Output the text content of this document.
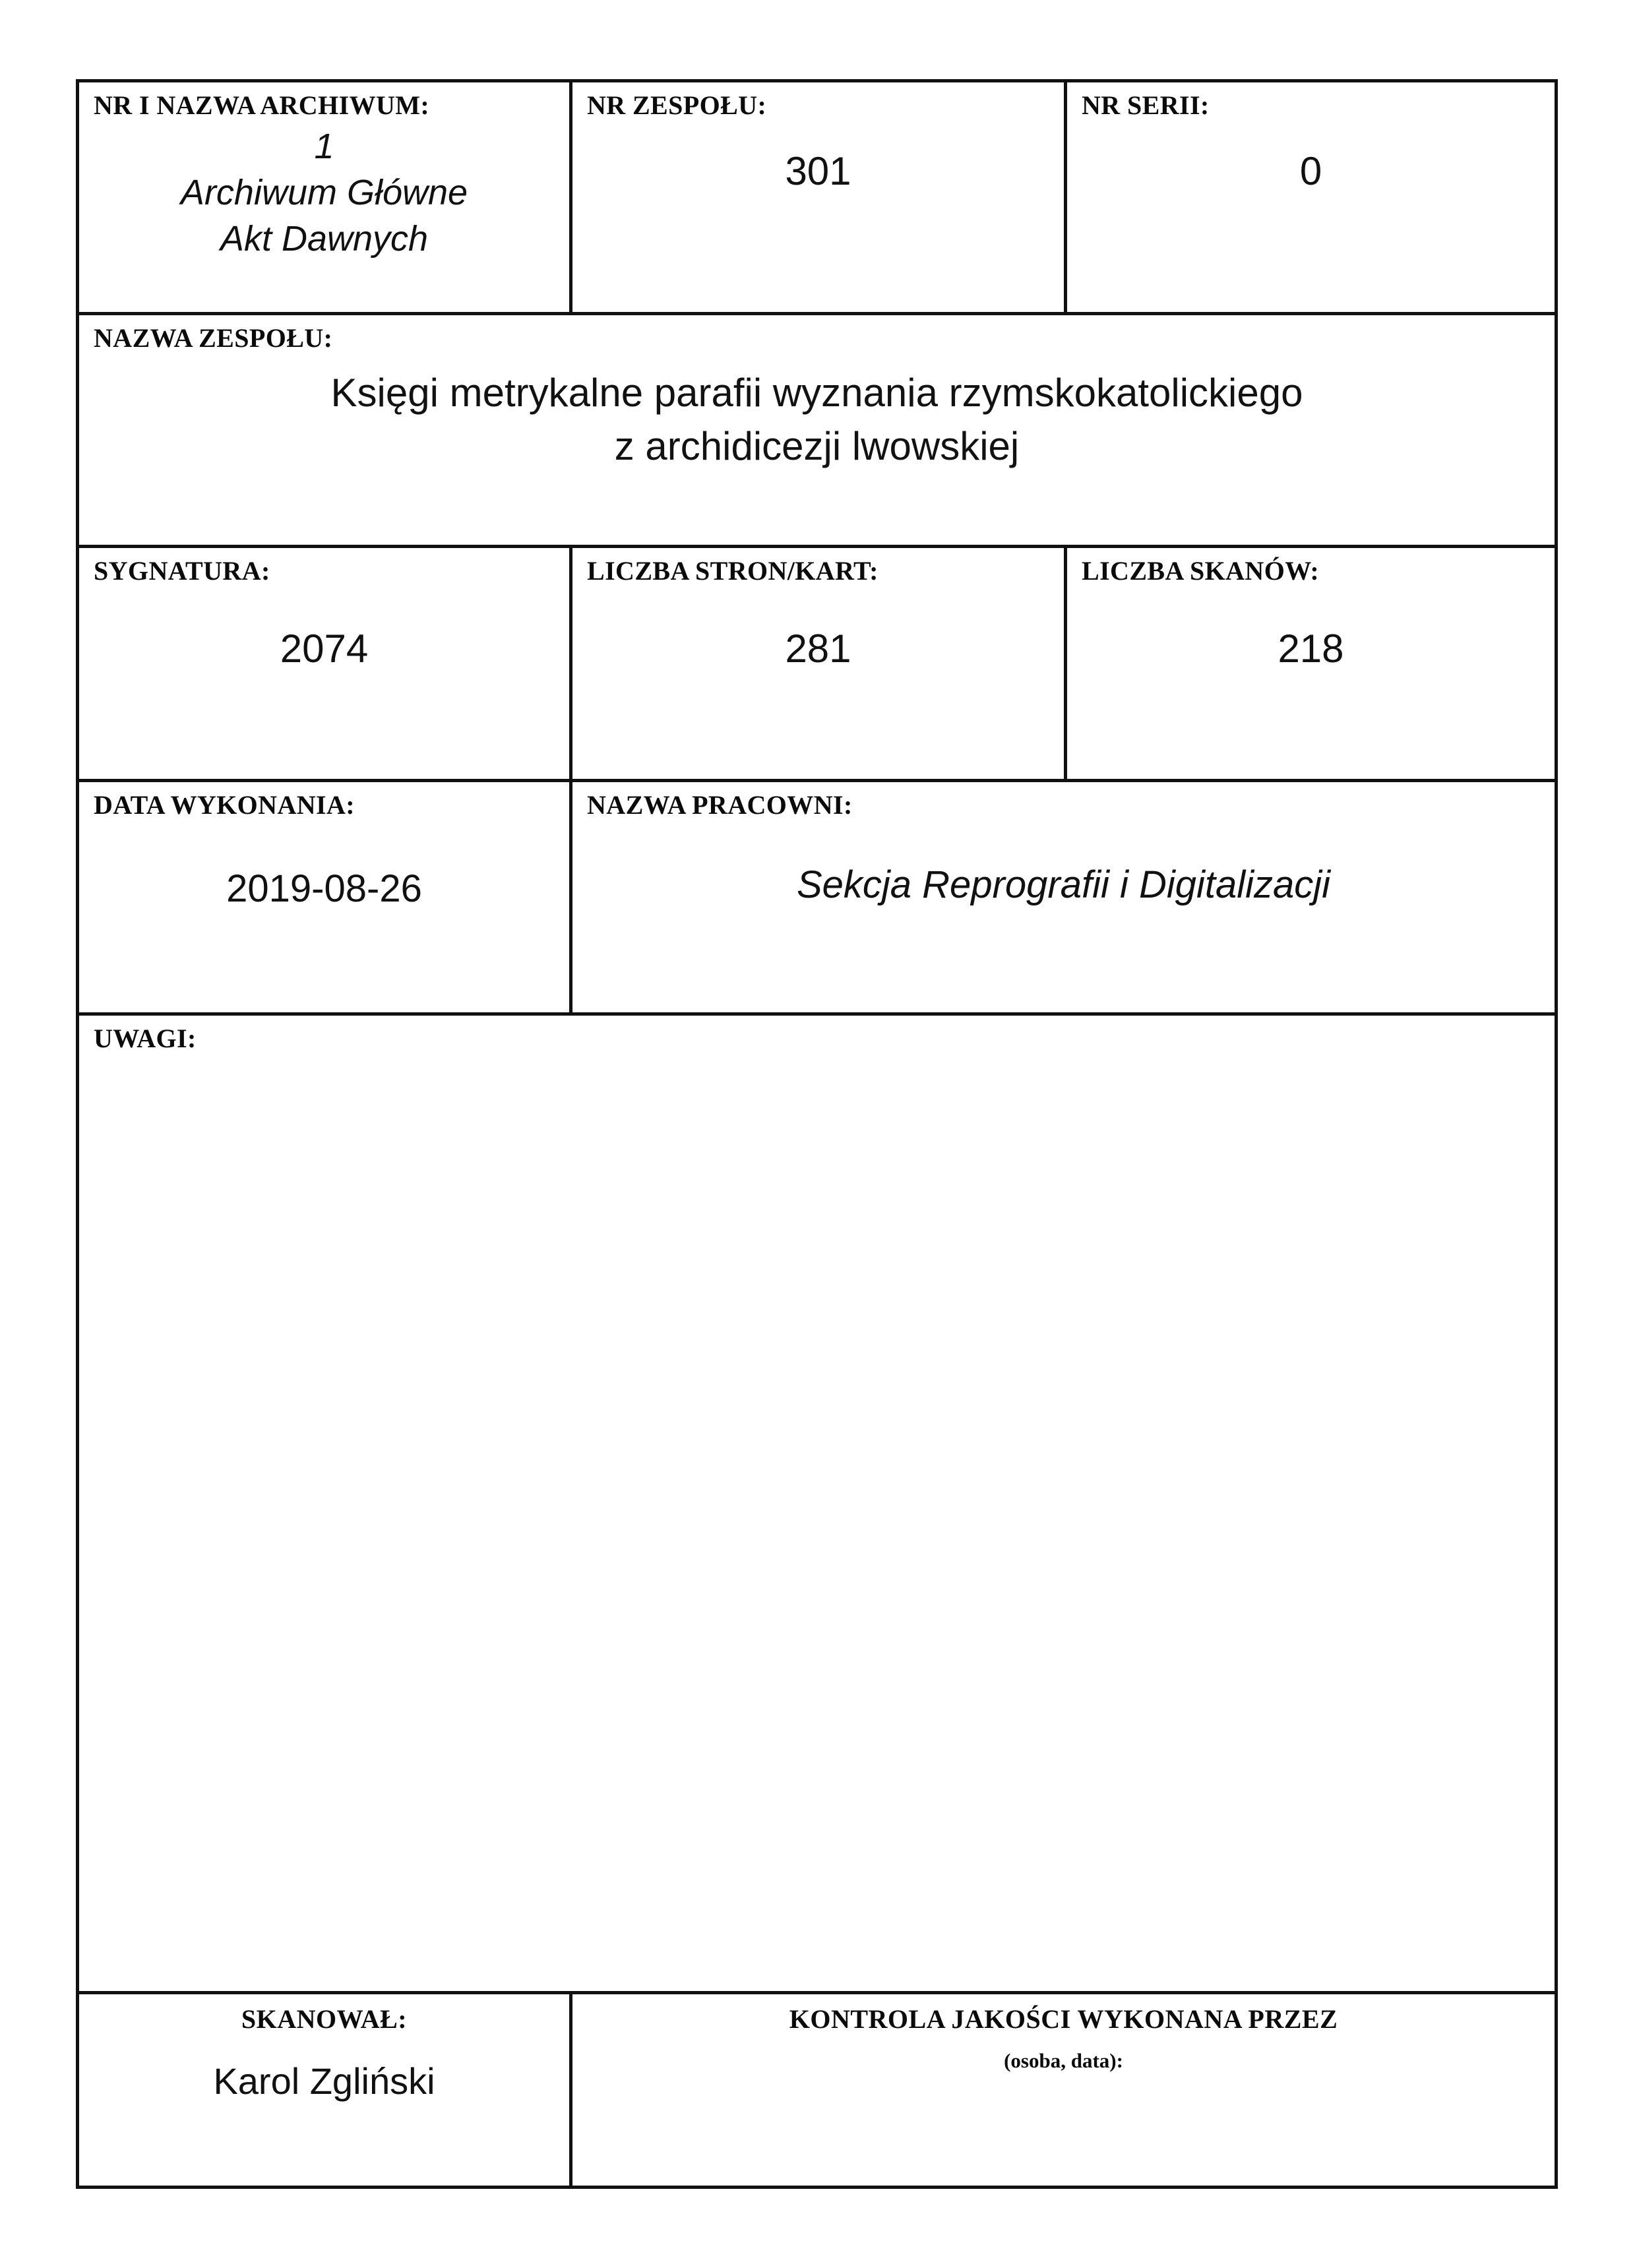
NR I NAZWA ARCHIWUM:
1
Archiwum Główne
Akt Dawnych
NR ZESPOŁU:
301
NR SERII:
0
NAZWA ZESPOŁU:
Księgi metrykalne parafii wyznania rzymskokatolickiego
z archidicezji lwowskiej
SYGNATURA:
2074
LICZBA STRON/KART:
281
LICZBA SKANÓW:
218
DATA WYKONANIA:
2019-08-26
NAZWA PRACOWNI:
Sekcja Reprografii i Digitalizacji
UWAGI:
SKANOWAŁ:
Karol Zgliński
KONTROLA JAKOŚCI WYKONANA PRZEZ
(osoba, data):
